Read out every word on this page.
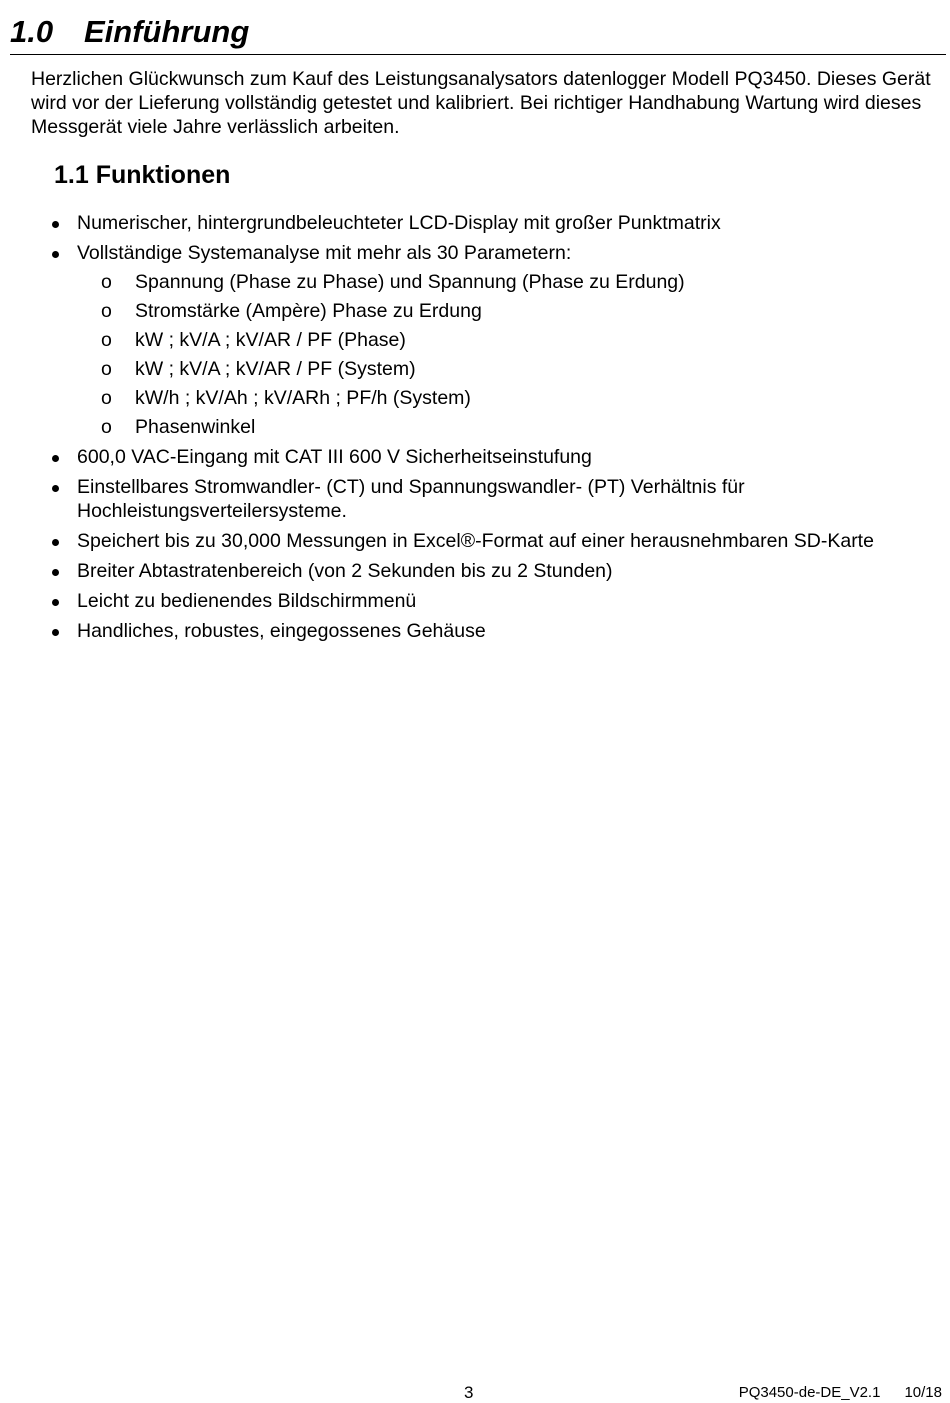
1.0 Einführung

Herzlichen Glückwunsch zum Kauf des Leistungsanalysators datenlogger Modell PQ3450. Dieses Gerät wird vor der Lieferung vollständig getestet und kalibriert. Bei richtiger Handhabung Wartung wird dieses Messgerät viele Jahre verlässlich arbeiten.

1.1 Funktionen
Numerischer, hintergrundbeleuchteter LCD-Display mit großer Punktmatrix
Vollständige Systemanalyse mit mehr als 30 Parametern:
o Spannung (Phase zu Phase) und Spannung (Phase zu Erdung)
o Stromstärke (Ampère) Phase zu Erdung
o kW ; kV/A ; kV/AR / PF (Phase)
o kW ; kV/A ; kV/AR / PF (System)
o kW/h ; kV/Ah ; kV/ARh ; PF/h (System)
o Phasenwinkel
600,0 VAC-Eingang mit CAT III 600 V Sicherheitseinstufung
Einstellbares Stromwandler- (CT) und Spannungswandler- (PT) Verhältnis für Hochleistungsverteilersysteme.
Speichert bis zu 30,000 Messungen in Excel®-Format auf einer herausnehmbaren SD-Karte
Breiter Abtastratenbereich (von 2 Sekunden bis zu 2 Stunden)
Leicht zu bedienendes Bildschirmmenü
Handliches, robustes, eingegossenes Gehäuse
3	PQ3450-de-DE_V2.1 10/18
